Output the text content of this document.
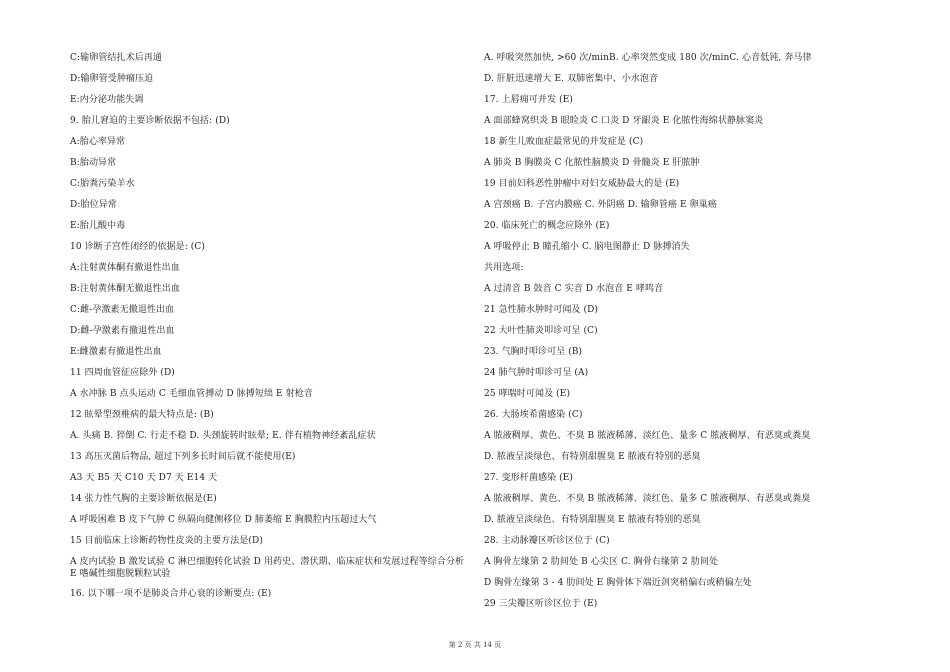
C:输卵管结扎术后再通
D:输卵管受肿瘤压迫
E:内分泌功能失调
9. 胎儿窘迫的主要诊断依据不包括: (D)
A:胎心率异常
B:胎动异常
C:胎粪污染羊水
D:胎位异常
E:胎儿酸中毒
10 诊断子宫性闭经的依据是: (C)
A:注射黄体酮有撤退性出血
B:注射黄体酮无撤退性出血
C:雌-孕激素无撤退性出血
D:雌-孕激素有撤退性出血
E:雌激素有撤退性出血
11 四周血管征应除外 (D)
A 水冲脉 B 点头运动 C 毛细血管搏动 D 脉搏短绌 E 射枪音
12 眩晕型颈椎病的最大特点是: (B)
A. 头痛 B. 猝倒 C. 行走不稳 D. 头颈旋转时眩晕; E. 伴有植物神经紊乱症状
13 高压灭菌后物品, 超过下列多长时间后就不能使用(E)
A3 天 B5 天 C10 天 D7 天 E14 天
14 张力性气胸的主要诊断依据是(E)
A 呼吸困难 B 皮下气肿 C 纵隔向健侧移位 D 肺萎缩 E 胸膜腔内压超过大气
15 目前临床上诊断药物性皮炎的主要方法是(D)
A 皮内试验 B 激发试验 C 淋巴细胞转化试验 D 用药史、潜伏期、临床症状和发展过程等综合分析 E 嗜碱性细胞脱颗粒试验
16. 以下哪一项不是肺炎合并心衰的诊断要点: (E)
A. 呼吸突然加快, >60 次/minB. 心率突然变成 180 次/minC. 心音低钝, 奔马律
D. 肝脏迅速增大 E. 双肺密集中、小水泡音
17. 上唇痈可并发 (E)
A 面部蜂窝织炎 B 眼睑炎 C 口炎 D 牙龈炎 E 化脓性海绵状静脉窦炎
18 新生儿败血症最常见的并发症是 (C)
A 肺炎 B 胸膜炎 C 化脓性脑膜炎 D 骨髓炎 E 肝脓肿
19 目前妇科恶性肿瘤中对妇女威胁最大的是 (E)
A 宫颈癌 B. 子宫内膜癌 C. 外阴癌 D. 输卵管癌 E 卵巢癌
20. 临床死亡的概念应除外 (E)
A 呼吸停止 B 瞳孔缩小 C. 脑电图静止 D 脉搏消失
共用选项:
A 过清音 B 鼓音 C 实音 D 水泡音 E 哮鸣音
21 急性肺水肿时可闻及 (D)
22 大叶性肺炎叩诊可呈 (C)
23. 气胸时叩诊可呈 (B)
24 肺气肿时叩诊可呈 (A)
25 哮喘时可闻及 (E)
26. 大肠埃希菌感染 (C)
A 脓液稠厚、黄色、不臭 B 脓液稀薄、淡红色、量多 C 脓液稠厚、有恶臭或粪臭
D. 脓液呈淡绿色、有特别甜腥臭 E 脓液有特别的恶臭
27. 变形杆菌感染 (E)
A 脓液稠厚、黄色、不臭 B 脓液稀薄、淡红色、量多 C 脓液稠厚、有恶臭或粪臭
D. 脓液呈淡绿色、有特别甜腥臭 E 脓液有特别的恶臭
28. 主动脉瓣区听诊区位于 (C)
A 胸骨左缘第 2 肋间处 B 心尖区 C. 胸骨右缘第 2 肋间处
D 胸骨左缘第 3 - 4 肋间处 E 胸骨体下端近剑突稍偏右或稍偏左处
29 三尖瓣区听诊区位于 (E)
第 2 页 共 14 页
